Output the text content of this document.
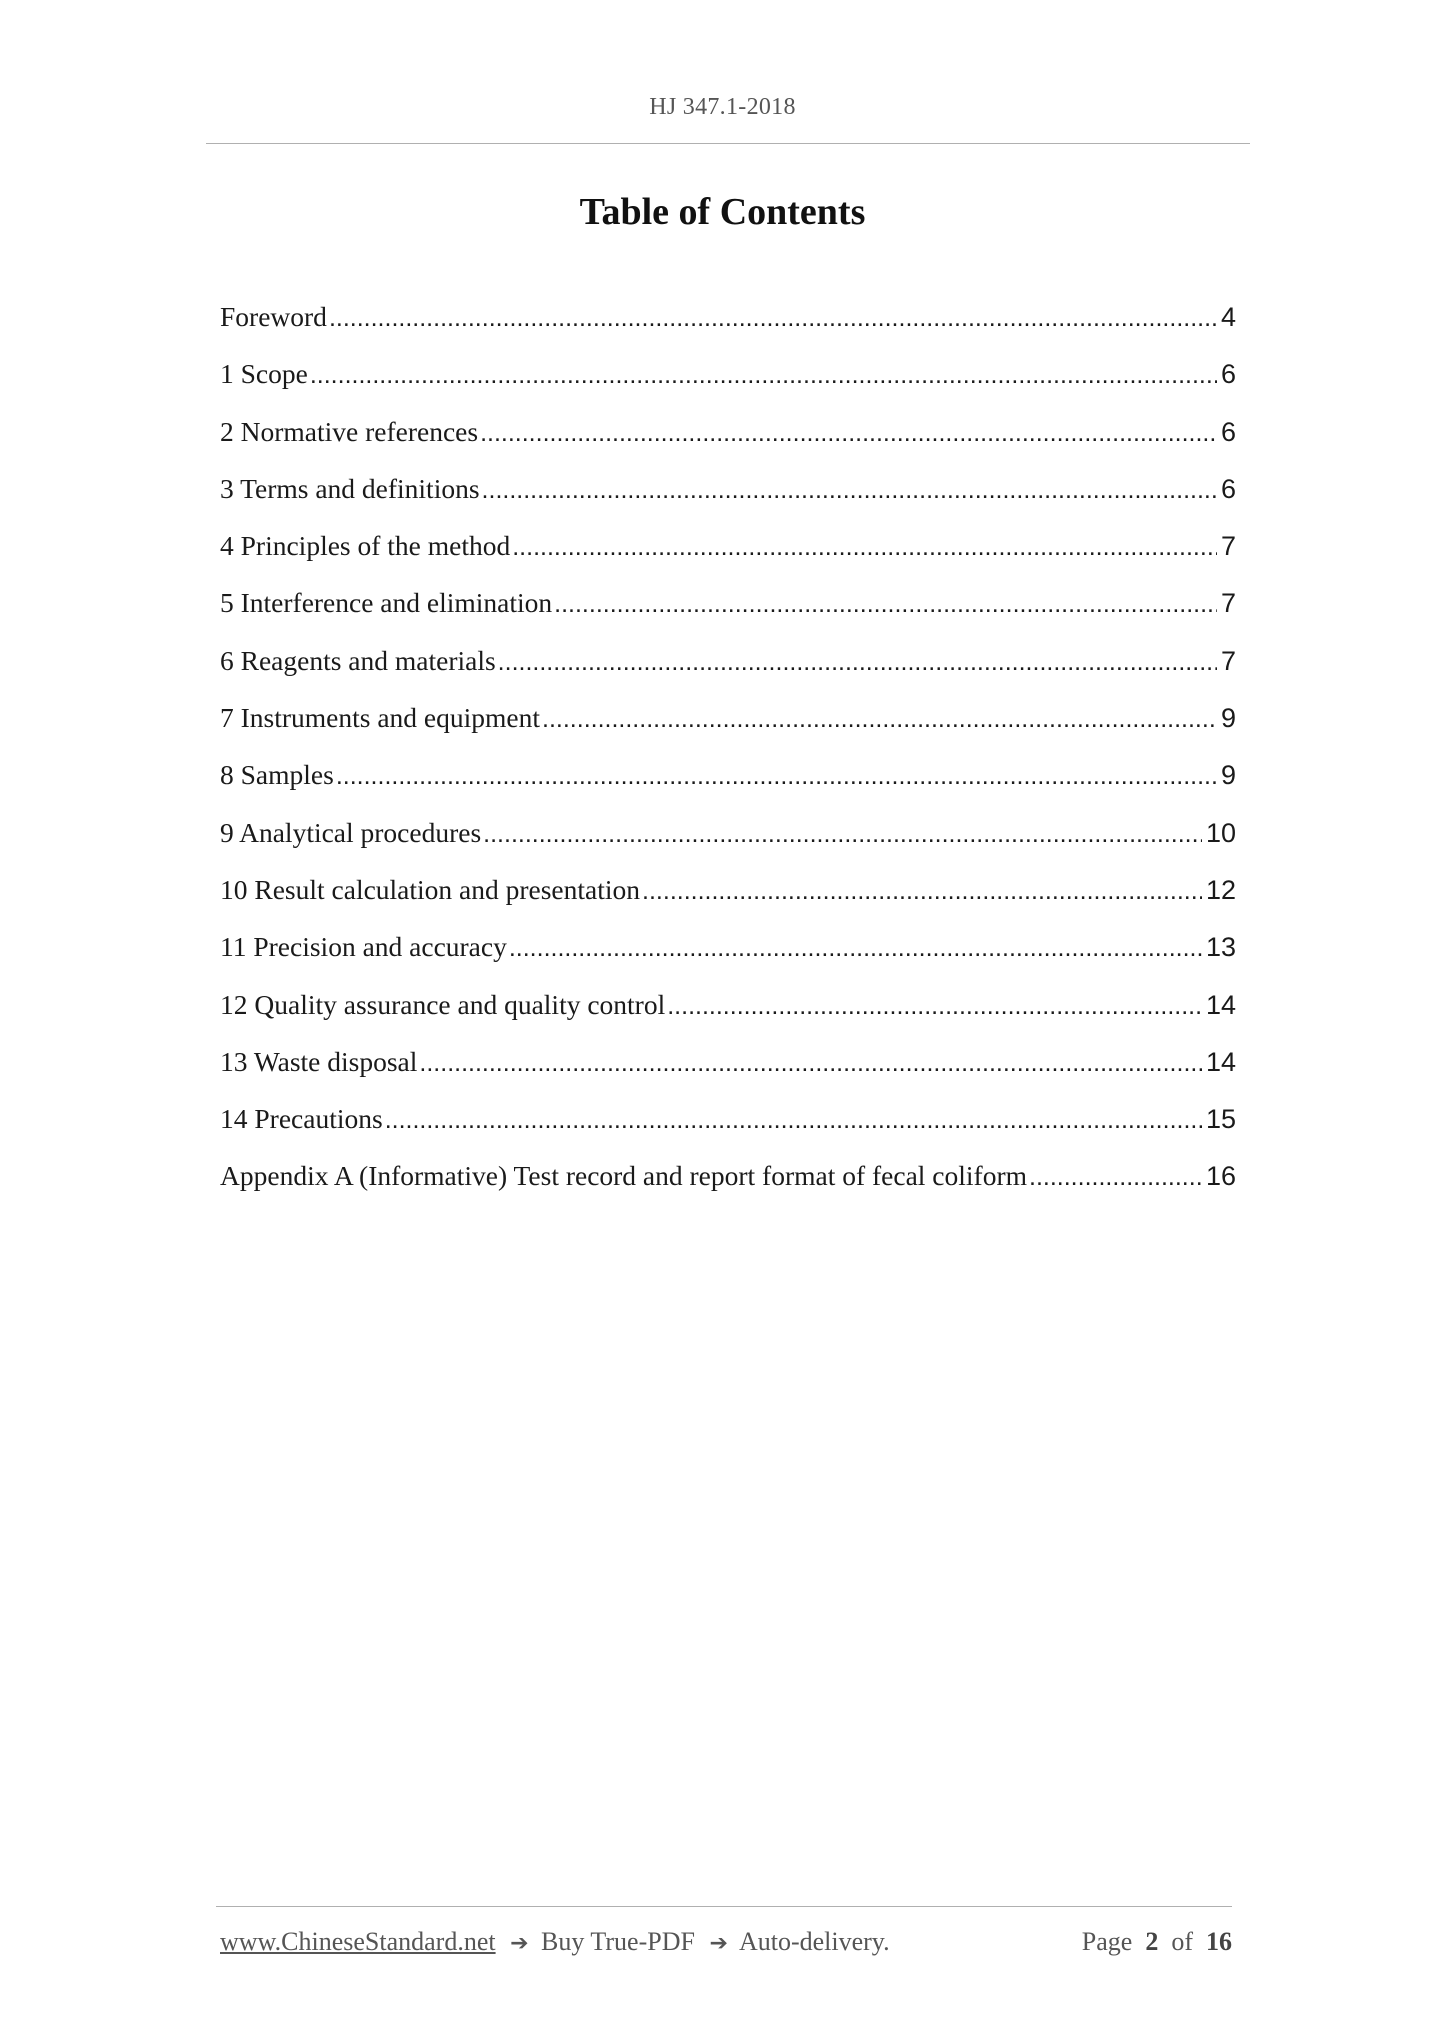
HJ 347.1-2018
Table of Contents
Foreword .....	4
1 Scope .....	6
2 Normative references .....	6
3 Terms and definitions .....	6
4 Principles of the method .....	7
5 Interference and elimination .....	7
6 Reagents and materials .....	7
7 Instruments and equipment .....	9
8 Samples .....	9
9 Analytical procedures .....	10
10 Result calculation and presentation .....	12
11 Precision and accuracy .....	13
12 Quality assurance and quality control .....	14
13 Waste disposal .....	14
14 Precautions .....	15
Appendix A (Informative) Test record and report format of fecal coliform .....	16
www.ChineseStandard.net ➔ Buy True-PDF ➔ Auto-delivery.	Page 2 of 16
